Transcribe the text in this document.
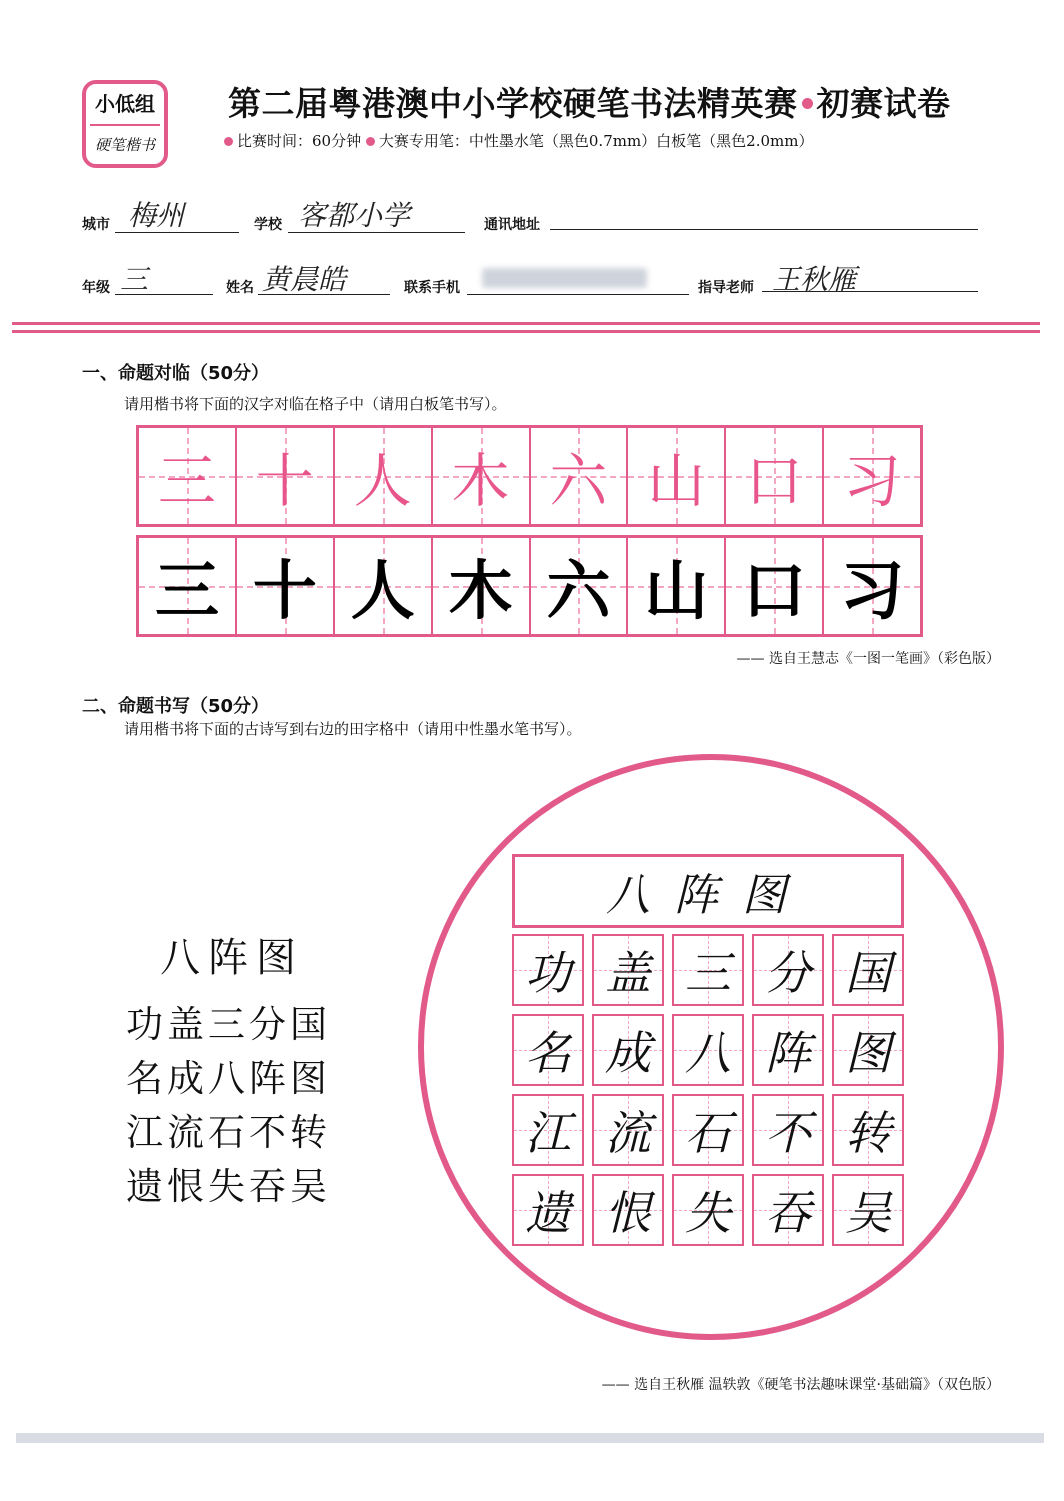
小低组
硬笔楷书
第二届粤港澳中小学校硬笔书法精英赛 初赛试卷
比赛时间：60分钟 大赛专用笔：中性墨水笔（黑色0.7mm）白板笔（黑色2.0mm）
城市 梅州	学校 客都小学	通讯地址
年级 三	姓名 黄晨皓	联系手机	指导老师 王秋雁
一、命题对临（50分）
请用楷书将下面的汉字对临在格子中（请用白板笔书写）。
三 十 人 木 六 山 口 习
三 十 人 木 六 山 口 习
—— 选自王慧志《一图一笔画》（彩色版）
二、命题书写（50分）
请用楷书将下面的古诗写到右边的田字格中（请用中性墨水笔书写）。
八阵图
功盖三分国
名成八阵图
江流石不转
遗恨失吞吴
八阵图
功 盖 三 分 国
名 成 八 阵 图
江 流 石 不 转
遗 恨 失 吞 吴
—— 选自王秋雁 温轶敦《硬笔书法趣味课堂·基础篇》（双色版）
